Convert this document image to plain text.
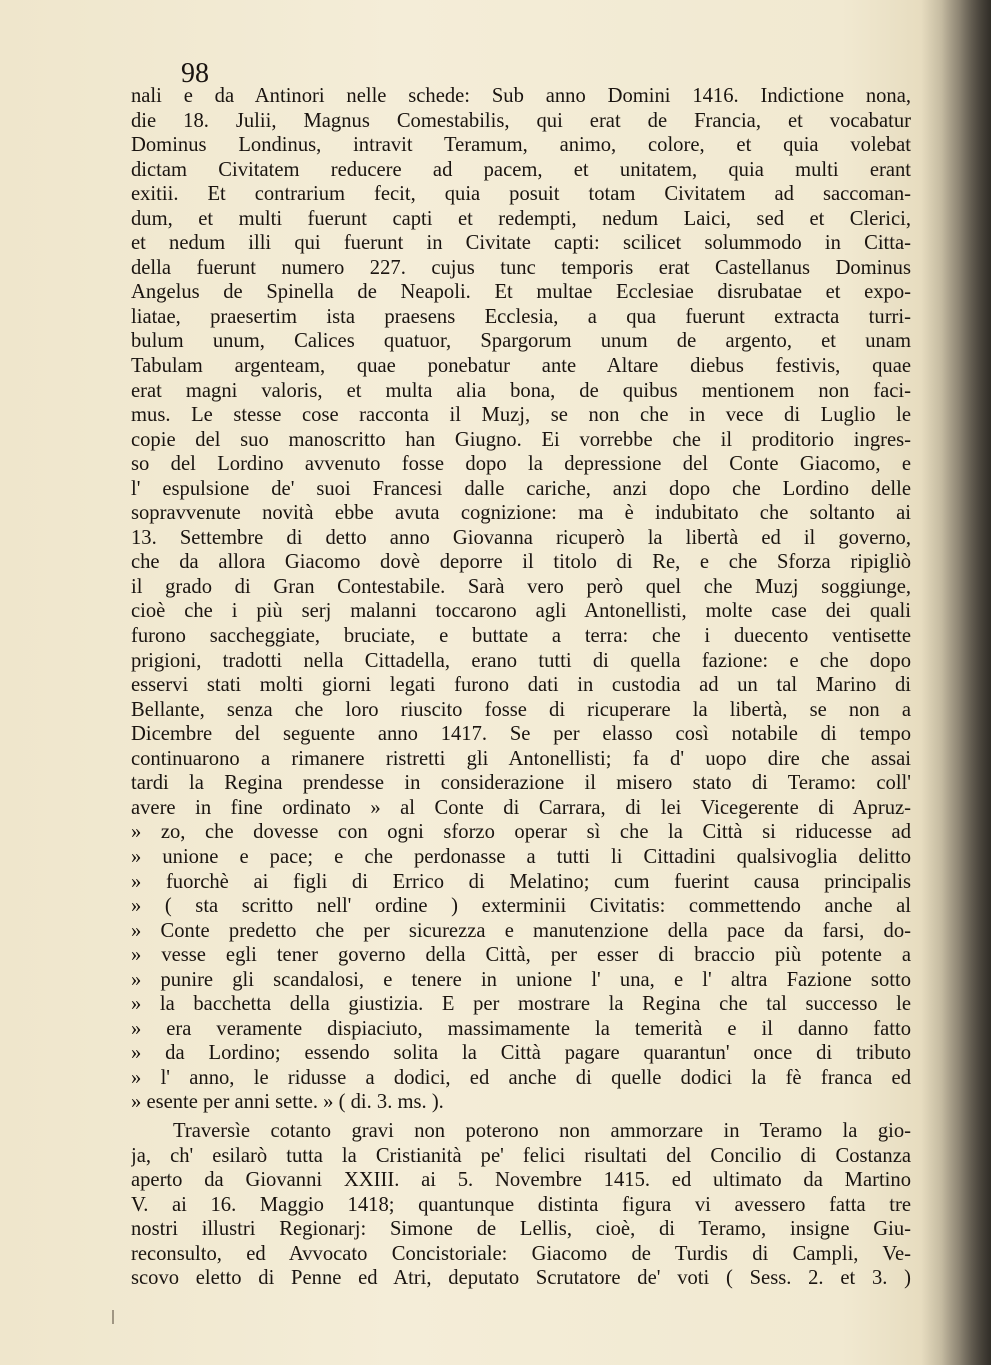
98
nali e da Antinori nelle schede: Sub anno Domini 1416. Indictione nona,
die 18. Julii, Magnus Comestabilis, qui erat de Francia, et vocabatur
Dominus Londinus, intravit Teramum, animo, colore, et quia volebat
dictam Civitatem reducere ad pacem, et unitatem, quia multi erant
exitii. Et contrarium fecit, quia posuit totam Civitatem ad saccoman-
dum, et multi fuerunt capti et redempti, nedum Laici, sed et Clerici,
et nedum illi qui fuerunt in Civitate capti: scilicet solummodo in Citta-
della fuerunt numero 227. cujus tunc temporis erat Castellanus Dominus
Angelus de Spinella de Neapoli. Et multae Ecclesiae disrubatae et expo-
liatae, praesertim ista praesens Ecclesia, a qua fuerunt extracta turri-
bulum unum, Calices quatuor, Spargorum unum de argento, et unam
Tabulam argenteam, quae ponebatur ante Altare diebus festivis, quae
erat magni valoris, et multa alia bona, de quibus mentionem non faci-
mus. Le stesse cose racconta il Muzj, se non che in vece di Luglio le
copie del suo manoscritto han Giugno. Ei vorrebbe che il proditorio ingres-
so del Lordino avvenuto fosse dopo la depressione del Conte Giacomo, e
l' espulsione de' suoi Francesi dalle cariche, anzi dopo che Lordino delle
sopravvenute novità ebbe avuta cognizione: ma è indubitato che soltanto ai
13. Settembre di detto anno Giovanna ricuperò la libertà ed il governo,
che da allora Giacomo dovè deporre il titolo di Re, e che Sforza ripigliò
il grado di Gran Contestabile. Sarà vero però quel che Muzj soggiunge,
cioè che i più serj malanni toccarono agli Antonellisti, molte case dei quali
furono saccheggiate, bruciate, e buttate a terra: che i duecento ventisette
prigioni, tradotti nella Cittadella, erano tutti di quella fazione: e che dopo
esservi stati molti giorni legati furono dati in custodia ad un tal Marino di
Bellante, senza che loro riuscito fosse di ricuperare la libertà, se non a
Dicembre del seguente anno 1417. Se per elasso così notabile di tempo
continuarono a rimanere ristretti gli Antonellisti; fa d' uopo dire che assai
tardi la Regina prendesse in considerazione il misero stato di Teramo: coll'
avere in fine ordinato » al Conte di Carrara, di lei Vicegerente di Apruz-
» zo, che dovesse con ogni sforzo operar sì che la Città si riducesse ad
» unione e pace; e che perdonasse a tutti li Cittadini qualsivoglia delitto
» fuorchè ai figli di Errico di Melatino; cum fuerint causa principalis
» ( sta scritto nell' ordine ) exterminii Civitatis: commettendo anche al
» Conte predetto che per sicurezza e manutenzione della pace da farsi, do-
» vesse egli tener governo della Città, per esser di braccio più potente a
» punire gli scandalosi, e tenere in unione l' una, e l' altra Fazione sotto
» la bacchetta della giustizia. E per mostrare la Regina che tal successo le
» era veramente dispiaciuto, massimamente la temerità e il danno fatto
» da Lordino; essendo solita la Città pagare quarantun' once di tributo
» l' anno, le ridusse a dodici, ed anche di quelle dodici la fè franca ed
» esente per anni sette. » ( di. 3. ms. ).
Traversìe cotanto gravi non poterono non ammorzare in Teramo la gio-
ja, ch' esilarò tutta la Cristianità pe' felici risultati del Concilio di Costanza
aperto da Giovanni XXIII. ai 5. Novembre 1415. ed ultimato da Martino
V. ai 16. Maggio 1418; quantunque distinta figura vi avessero fatta tre
nostri illustri Regionarj: Simone de Lellis, cioè, di Teramo, insigne Giu-
reconsulto, ed Avvocato Concistoriale: Giacomo de Turdis di Campli, Ve-
scovo eletto di Penne ed Atri, deputato Scrutatore de' voti ( Sess. 2. et 3. )
